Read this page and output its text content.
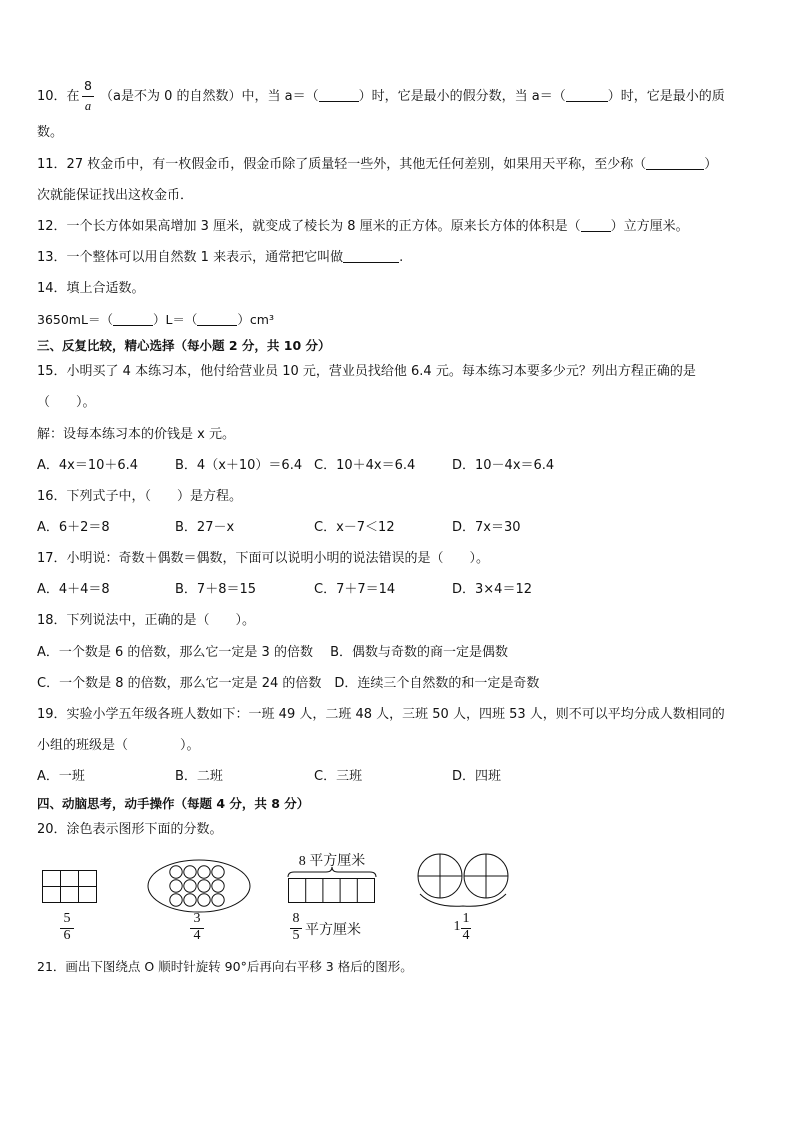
10．在
8
a
（a是不为 0 的自然数）中，当 a＝（	）时，它是最小的假分数，当 a＝（	）时，它是最小的质
数。
11．27 枚金币中，有一枚假金币，假金币除了质量轻一些外，其他无任何差别，如果用天平称，至少称（	）
次就能保证找出这枚金币．
12．一个长方体如果高增加 3 厘米，就变成了棱长为 8 厘米的正方体。原来长方体的体积是（ ）立方厘米。
13．一个整体可以用自然数 1 来表示，通常把它叫做	.
14．填上合适数。
3650mL＝（	）L＝（	）cm³
三、反复比较，精心选择（每小题 2 分，共 10 分）
15．小明买了 4 本练习本，他付给营业员 10 元，营业员找给他 6.4 元。每本练习本要多少元？列出方程正确的是
（　　）。
解：设每本练习本的价钱是 x 元。
A．4x＝10＋6.4	B．4（x＋10）＝6.4 C．10＋4x＝6.4	D．10－4x＝6.4
16．下列式子中，（　　）是方程。
A．6＋2＝8	B．27－x	C．x－7＜12	D．7x＝30
17．小明说：奇数＋偶数＝偶数，下面可以说明小明的说法错误的是（　　）。
A．4＋4＝8	B．7＋8＝15	C．7＋7＝14	D．3×4＝12
18．下列说法中，正确的是（　　）。
A．一个数是 6 的倍数，那么它一定是 3 的倍数　 B．偶数与奇数的商一定是偶数
C．一个数是 8 的倍数，那么它一定是 24 的倍数　D．连续三个自然数的和一定是奇数
19．实验小学五年级各班人数如下：一班 49 人，二班 48 人，三班 50 人，四班 53 人，则不可以平均分成人数相同的
小组的班级是（　　　　）。
A．一班	B．二班	C．三班	D．四班
四、动脑思考，动手操作（每题 4 分，共 8 分）
20．涂色表示图形下面的分数。
5
6
3
4
8 平方厘米
8
5 平方厘米	1
1
4
21．画出下图绕点 O 顺时针旋转 90°后再向右平移 3 格后的图形。
